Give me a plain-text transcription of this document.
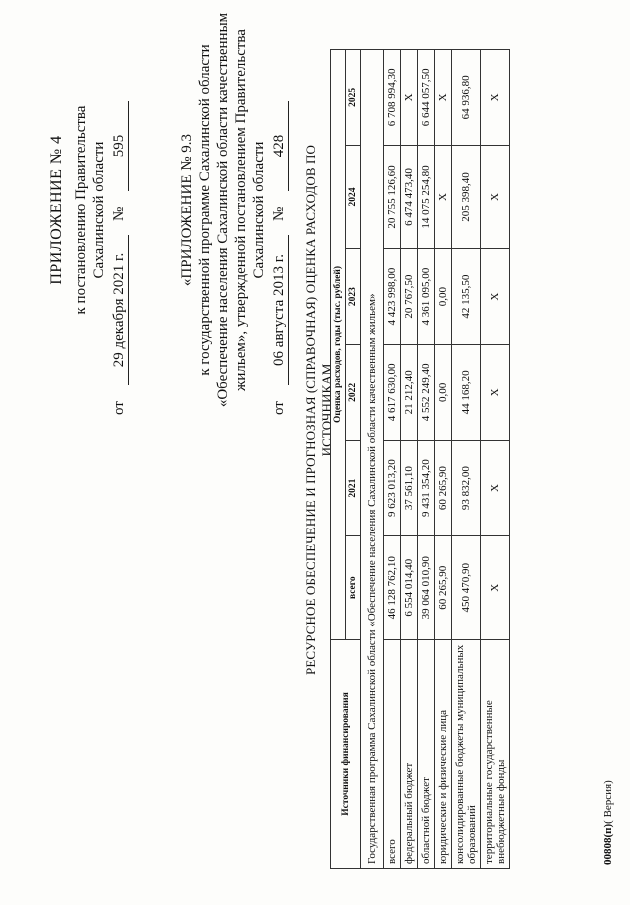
ПРИЛОЖЕНИЕ № 4 к постановлению Правительства Сахалинской области
от
29 декабря 2021 г.
№
595	«ПРИЛОЖЕНИЕ № 9.3 к государственной программе Сахалинской области «Обеспечение населения Сахалинской области качественным жильем», утвержденной постановлением Правительства Сахалинской области
от
06 августа 2013 г.
№
428 РЕСУРСНОЕ ОБЕСПЕЧЕНИЕ И ПРОГНОЗНАЯ (СПРАВОЧНАЯ) ОЦЕНКА РАСХОДОВ ПО ИСТОЧНИКАМ
Источники финансирования	Оценка расходов, годы (тыс. рублей)					
	всего	2021	2022	2023	2024	2025
Государственная программа Сахалинской области «Обеспечение населения Сахалинской области качественным жильем»						
всего	46 128 762,10	9 623 013,20	4 617 630,00	4 423 998,00	20 755 126,60	6 708 994,30
федеральный бюджет	6 554 014,40	37 561,10	21 212,40	20 767,50	6 474 473,40	Х
областной бюджет	39 064 010,90	9 431 354,20	4 552 249,40	4 361 095,00	14 075 254,80	6 644 057,50
юридические и физические лица	60 265,90	60 265,90	0,00	0,00	Х	Х
консолидированные бюджеты муниципальных образований	450 470,90	93 832,00	44 168,20	42 135,50	205 398,40	64 936,80
территориальные государственные внебюджетные фонды	Х	Х	Х	Х	Х	Х
00808(п)( Версия)
